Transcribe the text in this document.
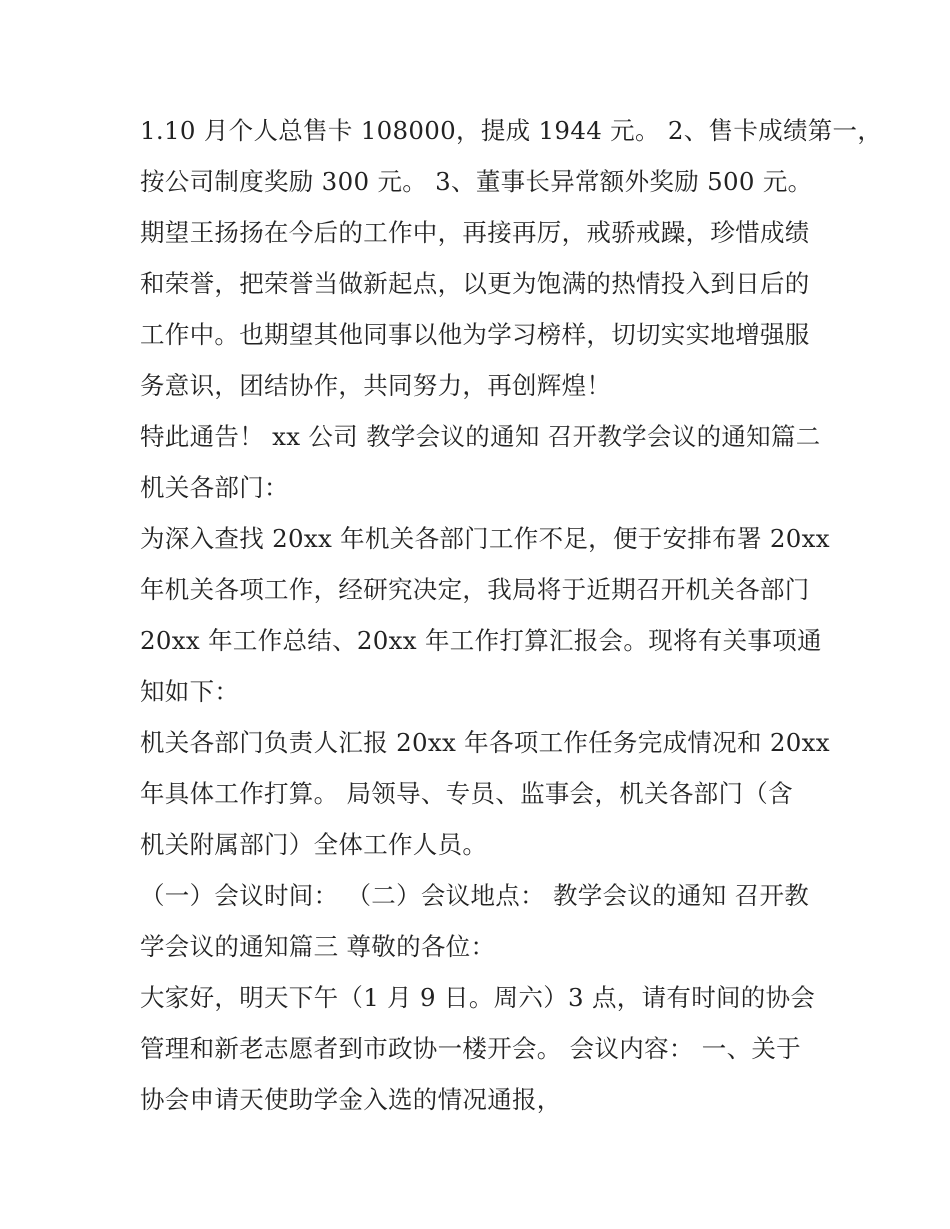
1.10 月个人总售卡 108000，提成 1944 元。 2、售卡成绩第一，
按公司制度奖励 300 元。 3、董事长异常额外奖励 500 元。
期望王扬扬在今后的工作中，再接再厉，戒骄戒躁，珍惜成绩
和荣誉，把荣誉当做新起点，以更为饱满的热情投入到日后的
工作中。也期望其他同事以他为学习榜样，切切实实地增强服
务意识，团结协作，共同努力，再创辉煌！
特此通告！ xx 公司 教学会议的通知 召开教学会议的通知篇二
机关各部门：
为深入查找 20xx 年机关各部门工作不足，便于安排布署 20xx
年机关各项工作，经研究决定，我局将于近期召开机关各部门
20xx 年工作总结、20xx 年工作打算汇报会。现将有关事项通
知如下：
机关各部门负责人汇报 20xx 年各项工作任务完成情况和 20xx
年具体工作打算。 局领导、专员、监事会，机关各部门（含
机关附属部门）全体工作人员。
（一）会议时间： （二）会议地点： 教学会议的通知 召开教
学会议的通知篇三 尊敬的各位：
大家好，明天下午（1 月 9 日。周六）3 点，请有时间的协会
管理和新老志愿者到市政协一楼开会。 会议内容： 一、关于
协会申请天使助学金入选的情况通报，
